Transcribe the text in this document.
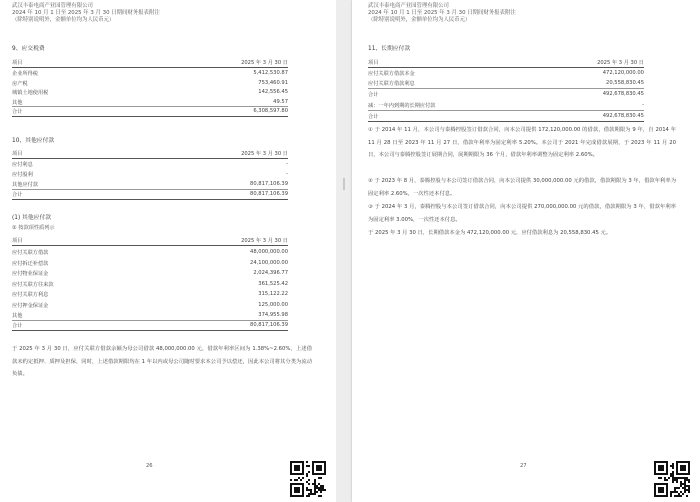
武汉丰泰电商产业园管理有限公司
2024 年 10 月 1 日至 2025 年 3 月 30 日期间财务报表附注
（除特别说明外，金额单位均为人民币元）
9、应交税费
项目	2025 年 3 月 30 日
企业所得税	5,412,530.87
房产税	753,460.91
城镇土地使用税	142,556.45
其他	49.57
合计	6,308,597.80
10、其他应付款
项目	2025 年 3 月 30 日
应付利息	-
应付股利	-
其他应付款	80,817,106.39
合计	80,817,106.39
(1) 其他应付款
① 按款项性质列示
项目	2025 年 3 月 30 日
应付关联方借款	48,000,000.00
应付拆迁补偿款	24,100,000.00
应付物业保证金	2,024,396.77
应付关联方往来款	361,525.42
应付关联方利息	315,122.22
应付押金保证金	125,000.00
其他	374,955.98
合计	80,817,106.39
于 2025 年 3 月 30 日，应付关联方借款余额为母公司借款 48,000,000.00 元，借款年利率区间为 1.38%~2.60%，上述借款未约定抵押、质押及担保，同时，上述借款期限均在 1 年以内或母公司随时要求本公司予以偿还，因此本公司将其分类为流动负债。
26
武汉丰泰电商产业园管理有限公司
2024 年 10 月 1 日至 2025 年 3 月 30 日期间财务报表附注
（除特别说明外，金额单位均为人民币元）
11、长期应付款
项目	2025 年 3 月 30 日
应付关联方借款本金	472,120,000.00
应付关联方借款利息	20,558,830.45
合计	492,678,830.45
减：一年内到期的长期应付款	-
合计	492,678,830.45
① 于 2014 年 11 月，本公司与泰腾控股签订借款合同，向本公司提供 172,120,000.00 的借款，借款期限为 9 年，自 2014 年 11 月 28 日至 2023 年 11 月 27 日，借款年利率为固定利率 5.20%。本公司于 2021 年完成借款展期，于 2023 年 11 月 20 日，本公司与泰腾控股签订展期合同，展期期限为 36 个月，借款年利率调整为固定利率 2.60%。
② 于 2023 年 8 月，泰腾控股与本公司签订借款合同，向本公司提供 30,000,000.00 元的借款，借款期限为 3 年，借款年利率为固定利率 2.60%，一次性还本付息。
③ 于 2024 年 3 月，泰腾控股与本公司签订借款合同，向本公司提供 270,000,000.00 元的借款，借款期限为 3 年，借款年利率为固定利率 3.00%，一次性还本付息。
于 2025 年 3 月 30 日，长期借款本金为 472,120,000.00 元，应付借款利息为 20,558,830.45 元。
27
